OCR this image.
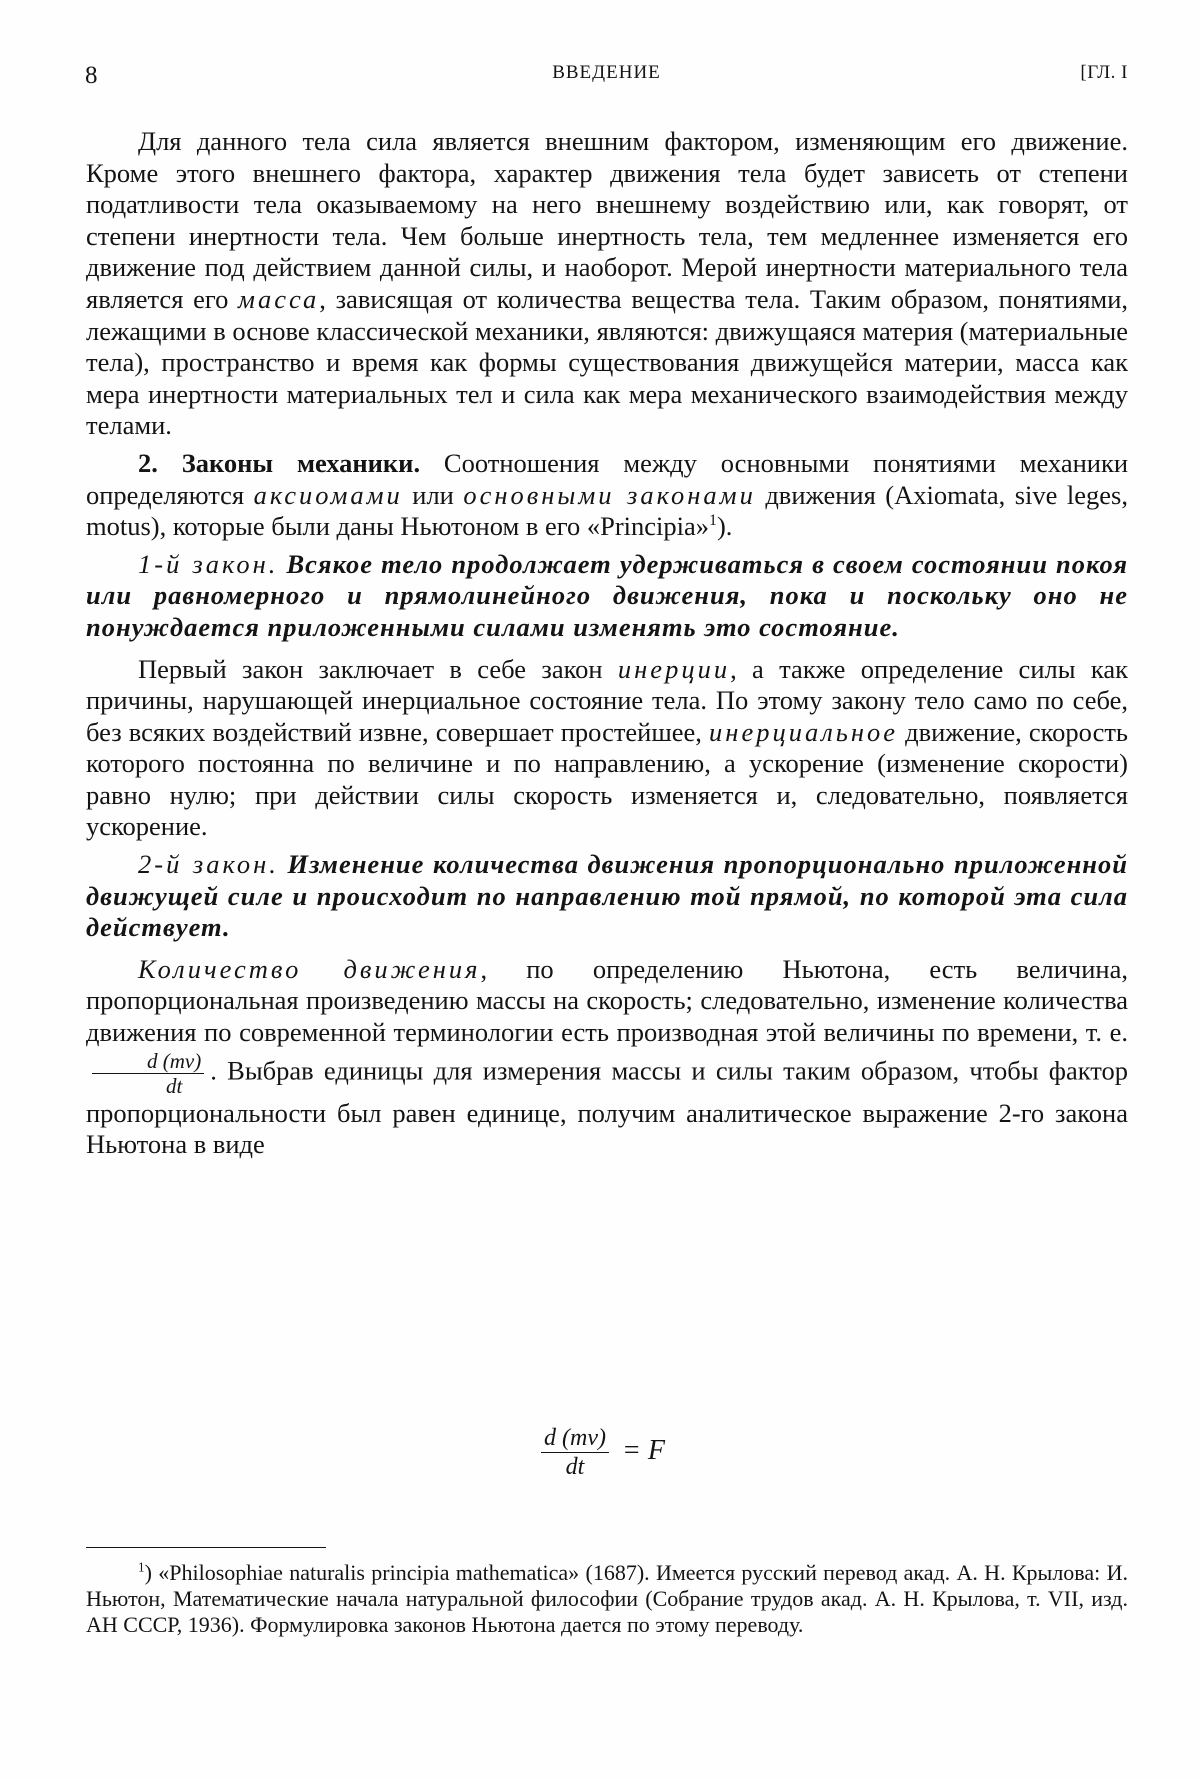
8	ВВЕДЕНИЕ	[ГЛ. I

Для данного тела сила является внешним фактором, изменяющим его движение. Кроме этого внешнего фактора, характер движения тела будет зависеть от степени податливости тела оказываемому на него внешнему воздействию или, как говорят, от степени инертности тела. Чем больше инертность тела, тем медленнее изменяется его движение под действием данной силы, и наоборот. Мерой инертности материального тела является его масса, зависящая от количества вещества тела. Таким образом, понятиями, лежащими в основе классической механики, являются: движущаяся материя (материальные тела), пространство и время как формы существования движущейся материи, масса как мера инертности материальных тел и сила как мера механического взаимодействия между телами.

2. Законы механики. Соотношения между основными понятиями механики определяются аксиомами или основными законами движения (Axiomata, sive leges, motus), которые были даны Ньютоном в его «Principia»$^1$).

1-й закон. Всякое тело продолжает удерживаться в своем состоянии покоя или равномерного и прямолинейного движения, пока и поскольку оно не понуждается приложенными силами изменять это состояние.

Первый закон заключает в себе закон инерции, а также определение силы как причины, нарушающей инерциальное состояние тела. По этому закону тело само по себе, без всяких воздействий извне, совершает простейшее, инерциальное движение, скорость которого постоянна по величине и по направлению, а ускорение (изменение скорости) равно нулю; при действии силы скорость изменяется и, следовательно, появляется ускорение.

2-й закон. Изменение количества движения пропорционально приложенной движущей силе и происходит по направлению той прямой, по которой эта сила действует.

Количество движения, по определению Ньютона, есть величина, пропорциональная произведению массы на скорость; следовательно, изменение количества движения по современной терминологии есть производная этой величины по времени, т. е.
$\frac{d (mv)}{dt}$ . Выбрав единицы для измерения массы и силы таким образом, чтобы фактор пропорциональности был равен единице, получим аналитическое выражение 2-го закона Ньютона в виде

$\frac{d (mv)}{dt} = F$
$^1$) «Philosophiae naturalis principia mathematica» (1687). Имеется русский перевод акад. А. Н. Крылова: И. Ньютон, Математические начала натуральной философии (Собрание трудов акад. А. Н. Крылова, т. VII, изд. АН СССР, 1936). Формулировка законов Ньютона дается по этому переводу.
